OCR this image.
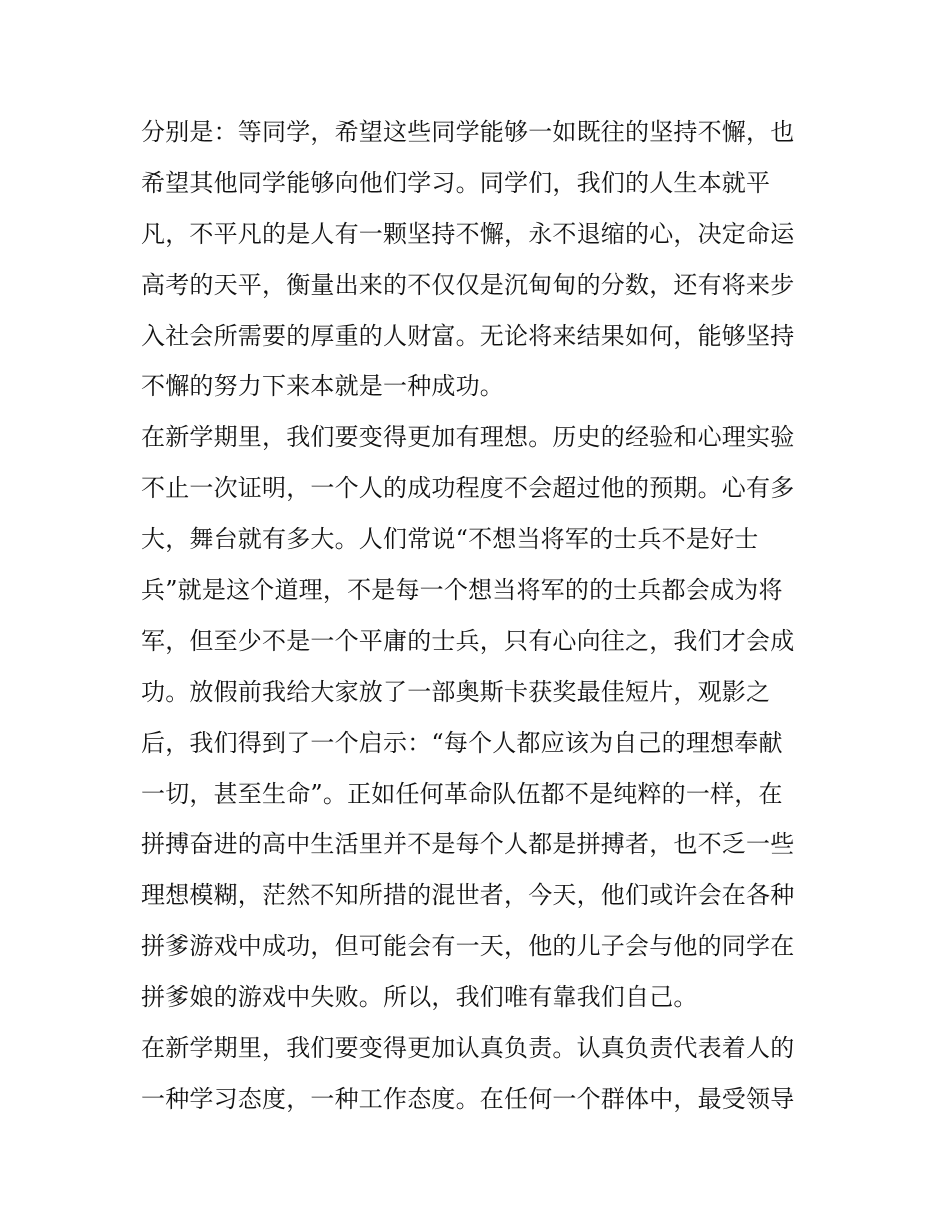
分别是：等同学，希望这些同学能够一如既往的坚持不懈，也
希望其他同学能够向他们学习。同学们，我们的人生本就平
凡，不平凡的是人有一颗坚持不懈，永不退缩的心，决定命运
高考的天平，衡量出来的不仅仅是沉甸甸的分数，还有将来步
入社会所需要的厚重的人财富。无论将来结果如何，能够坚持
不懈的努力下来本就是一种成功。
在新学期里，我们要变得更加有理想。历史的经验和心理实验
不止一次证明，一个人的成功程度不会超过他的预期。心有多
大，舞台就有多大。人们常说“不想当将军的士兵不是好士
兵”就是这个道理，不是每一个想当将军的的士兵都会成为将
军，但至少不是一个平庸的士兵，只有心向往之，我们才会成
功。放假前我给大家放了一部奥斯卡获奖最佳短片，观影之
后，我们得到了一个启示：“每个人都应该为自己的理想奉献
一切，甚至生命”。正如任何革命队伍都不是纯粹的一样，在
拼搏奋进的高中生活里并不是每个人都是拼搏者，也不乏一些
理想模糊，茫然不知所措的混世者，今天，他们或许会在各种
拼爹游戏中成功，但可能会有一天，他的儿子会与他的同学在
拼爹娘的游戏中失败。所以，我们唯有靠我们自己。
在新学期里，我们要变得更加认真负责。认真负责代表着人的
一种学习态度，一种工作态度。在任何一个群体中，最受领导
